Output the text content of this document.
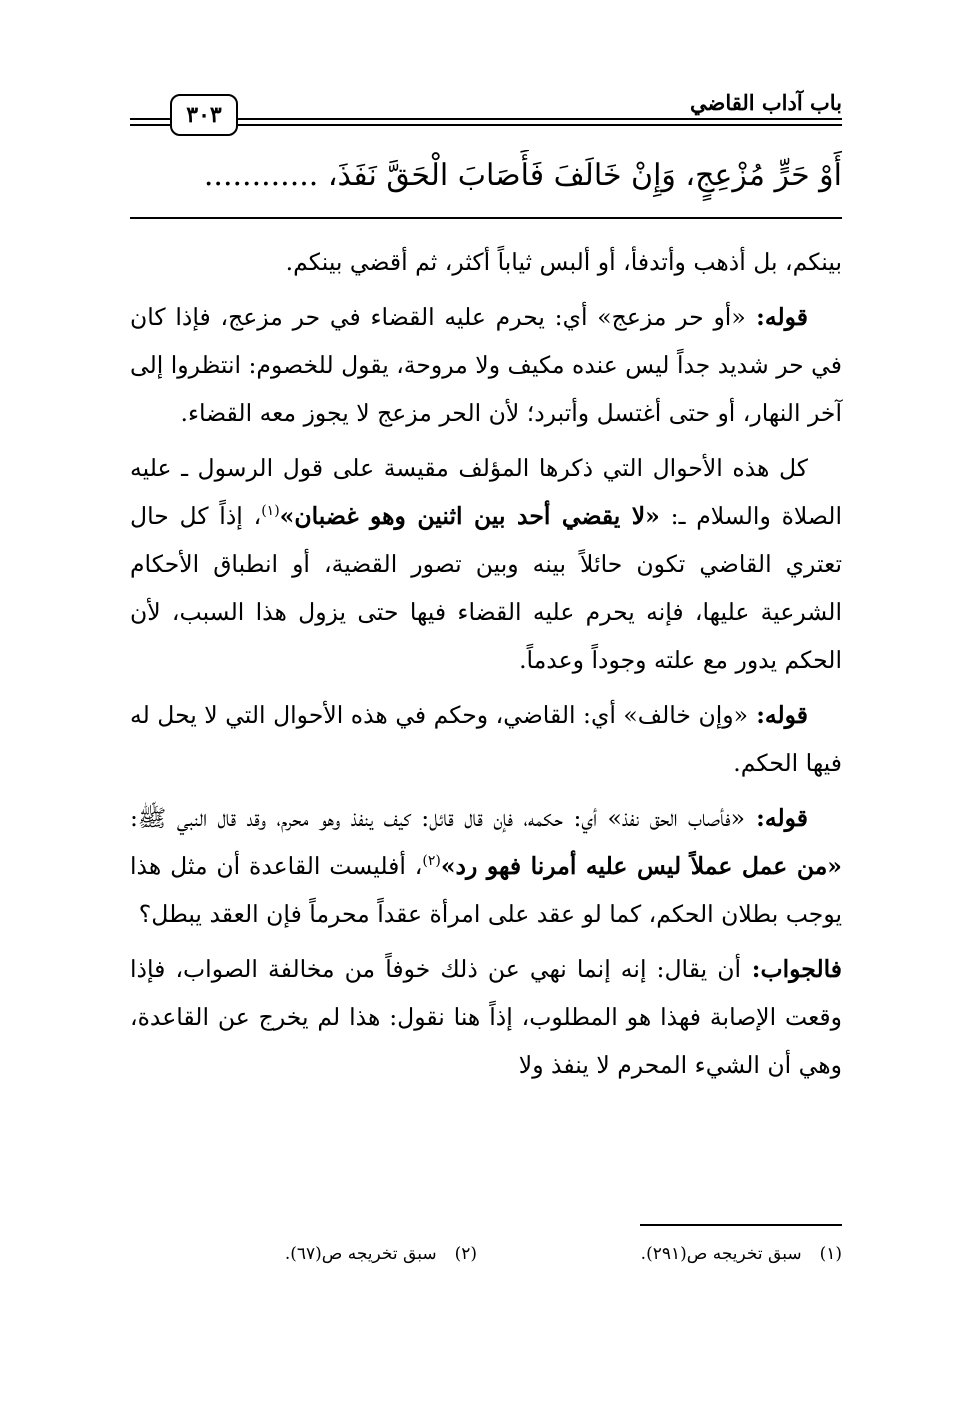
باب آداب القاضي
٣٠٣
أَوْ حَرٍّ مُزْعِجٍ، وَإِنْ خَالَفَ فَأَصَابَ الْحَقَّ نَفَذَ، ............

بينكم، بل أذهب وأتدفأ، أو ألبس ثياباً أكثر، ثم أقضي بينكم.

قوله: «أو حر مزعج» أي: يحرم عليه القضاء في حر مزعج، فإذا كان في حر شديد جداً ليس عنده مكيف ولا مروحة، يقول للخصوم: انتظروا إلى آخر النهار، أو حتى أغتسل وأتبرد؛ لأن الحر مزعج لا يجوز معه القضاء.

كل هذه الأحوال التي ذكرها المؤلف مقيسة على قول الرسول ـ عليه الصلاة والسلام ـ: «لا يقضي أحد بين اثنين وهو غضبان»$^{(١)}$، إذاً كل حال تعتري القاضي تكون حائلاً بينه وبين تصور القضية، أو انطباق الأحكام الشرعية عليها، فإنه يحرم عليه القضاء فيها حتى يزول هذا السبب، لأن الحكم يدور مع علته وجوداً وعدماً.

قوله: «وإن خالف» أي: القاضي، وحكم في هذه الأحوال التي لا يحل له فيها الحكم.

قوله: «فأصاب الحق نفذ» أي: حكمه، فإن قال قائل: كيف ينفذ وهو محرم، وقد قال النبي ﷺ: «من عمل عملاً ليس عليه أمرنا فهو رد»$^{(٢)}$، أفليست القاعدة أن مثل هذا يوجب بطلان الحكم، كما لو عقد على امرأة عقداً محرماً فإن العقد يبطل؟

فالجواب: أن يقال: إنه إنما نهي عن ذلك خوفاً من مخالفة الصواب، فإذا وقعت الإصابة فهذا هو المطلوب، إذاً هنا نقول: هذا لم يخرج عن القاعدة، وهي أن الشيء المحرم لا ينفذ ولا

(١)سبق تخريجه ص(٢٩١).
(٢)سبق تخريجه ص(٦٧).
